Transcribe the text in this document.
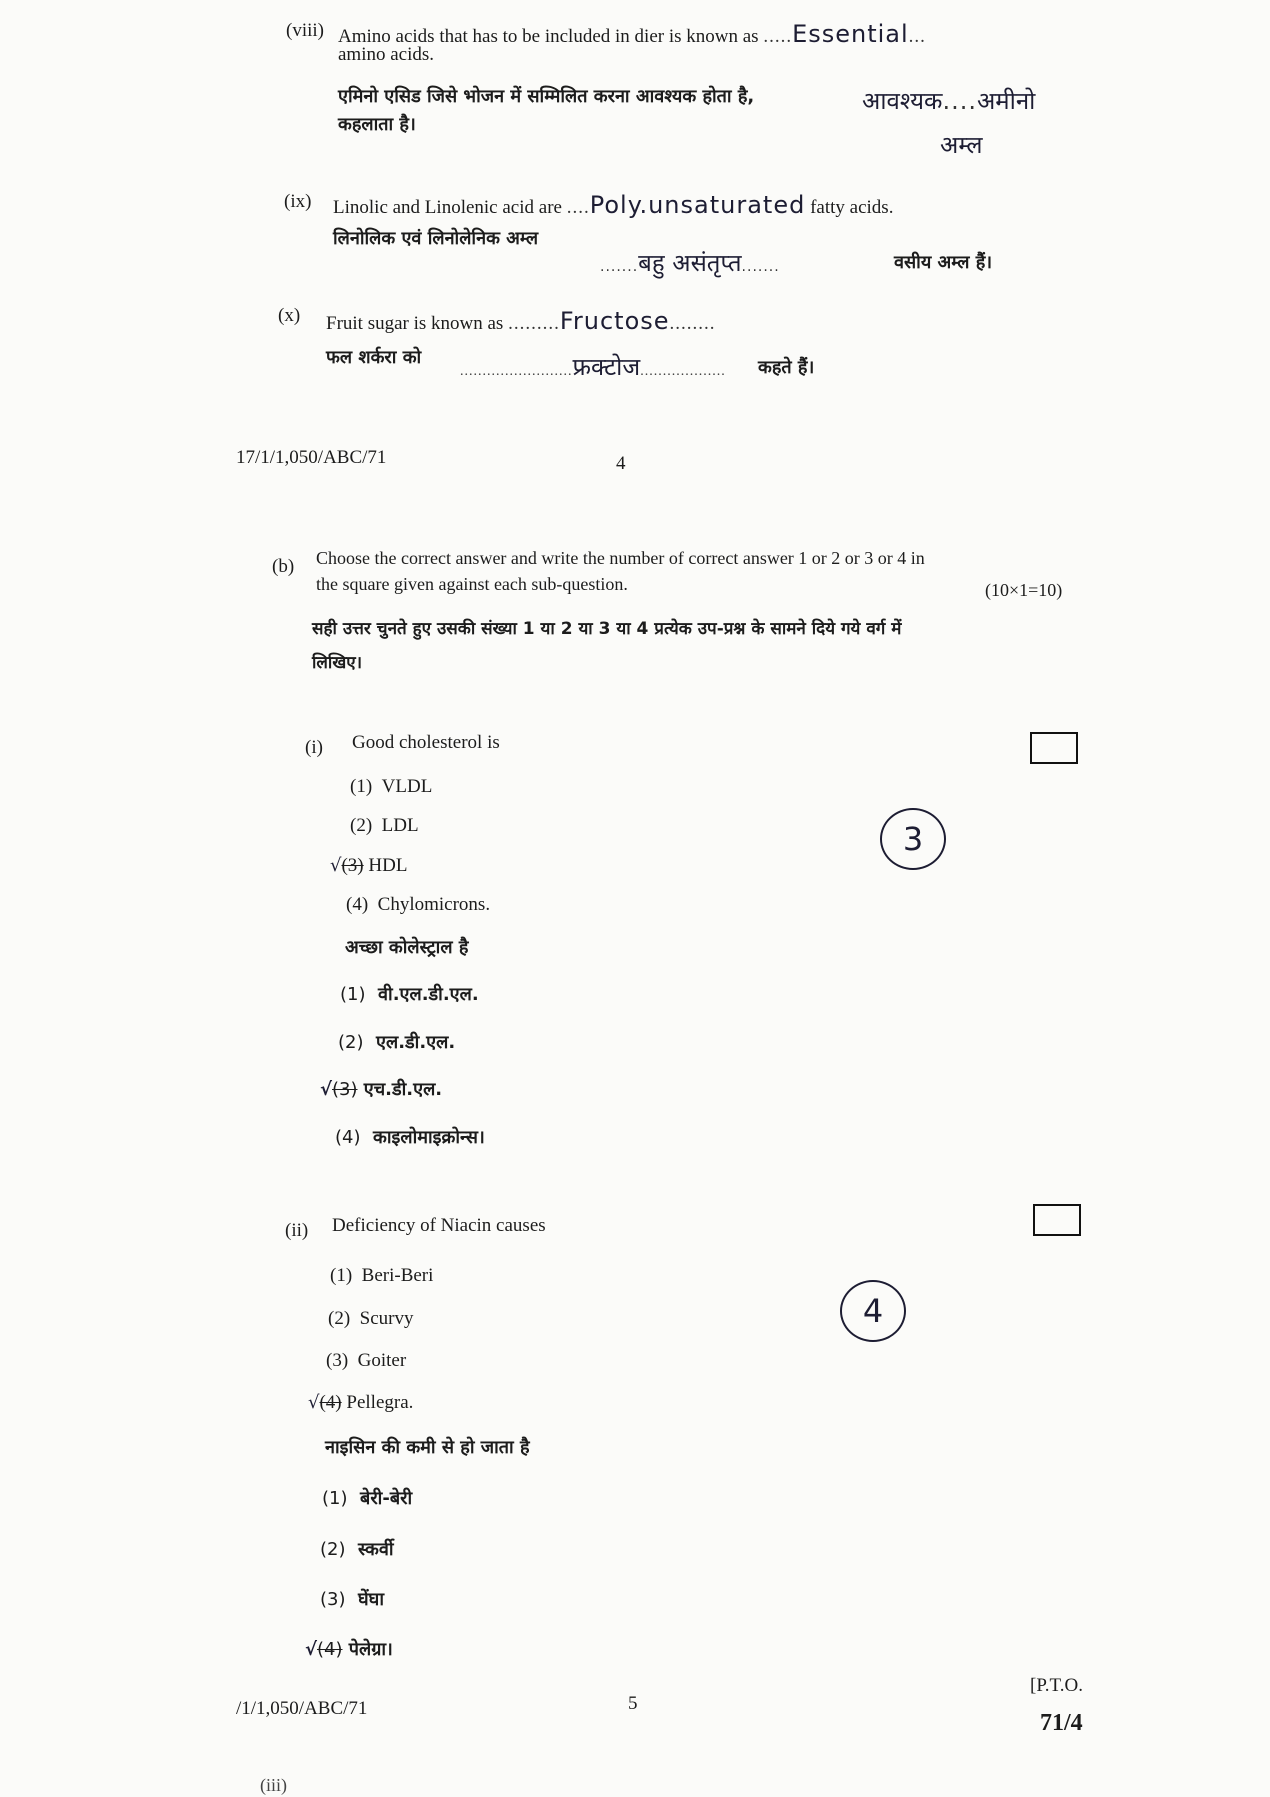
(viii) Amino acids that has to be included in dier is known as .....Essential...
amino acids.
एमिनो एसिड जिसे भोजन में सम्मिलित करना आवश्यक होता है,	आवश्यक....अमीनो
कहलाता है।
अम्ल
(ix) Linolic and Linolenic acid are ....Poly.unsaturated fatty acids.
लिनोलिक एवं लिनोलेनिक अम्ल
.......बहु असंतृप्त.......	वसीय अम्ल हैं।
(x) Fruit sugar is known as .........Fructose........
फल शर्करा को
.........................फ्रक्टोज................... कहते हैं।
17/1/1,050/ABC/71	4
(b) Choose the correct answer and write the number of correct answer 1 or 2 or 3 or 4 in
the square given against each sub-question.	(10×1=10)
सही उत्तर चुनते हुए उसकी संख्या 1 या 2 या 3 या 4 प्रत्येक उप-प्रश्न के सामने दिये गये वर्ग में
लिखिए।
(i) Good cholesterol is
(1) VLDL
(2) LDL
√(3) HDL
(4) Chylomicrons.
3
अच्छा कोलेस्ट्राल है
(1) वी.एल.डी.एल.
(2) एल.डी.एल.
√(3) एच.डी.एल.
(4) काइलोमाइक्रोन्स।
(ii) Deficiency of Niacin causes
(1) Beri-Beri
(2) Scurvy
(3) Goiter
√(4) Pellegra.
4
नाइसिन की कमी से हो जाता है
(1) बेरी-बेरी
(2) स्कर्वी
(3) घेंघा
√(4) पेलेग्रा।
/1/1,050/ABC/71	5
[P.T.O.
71/4
(iii)
